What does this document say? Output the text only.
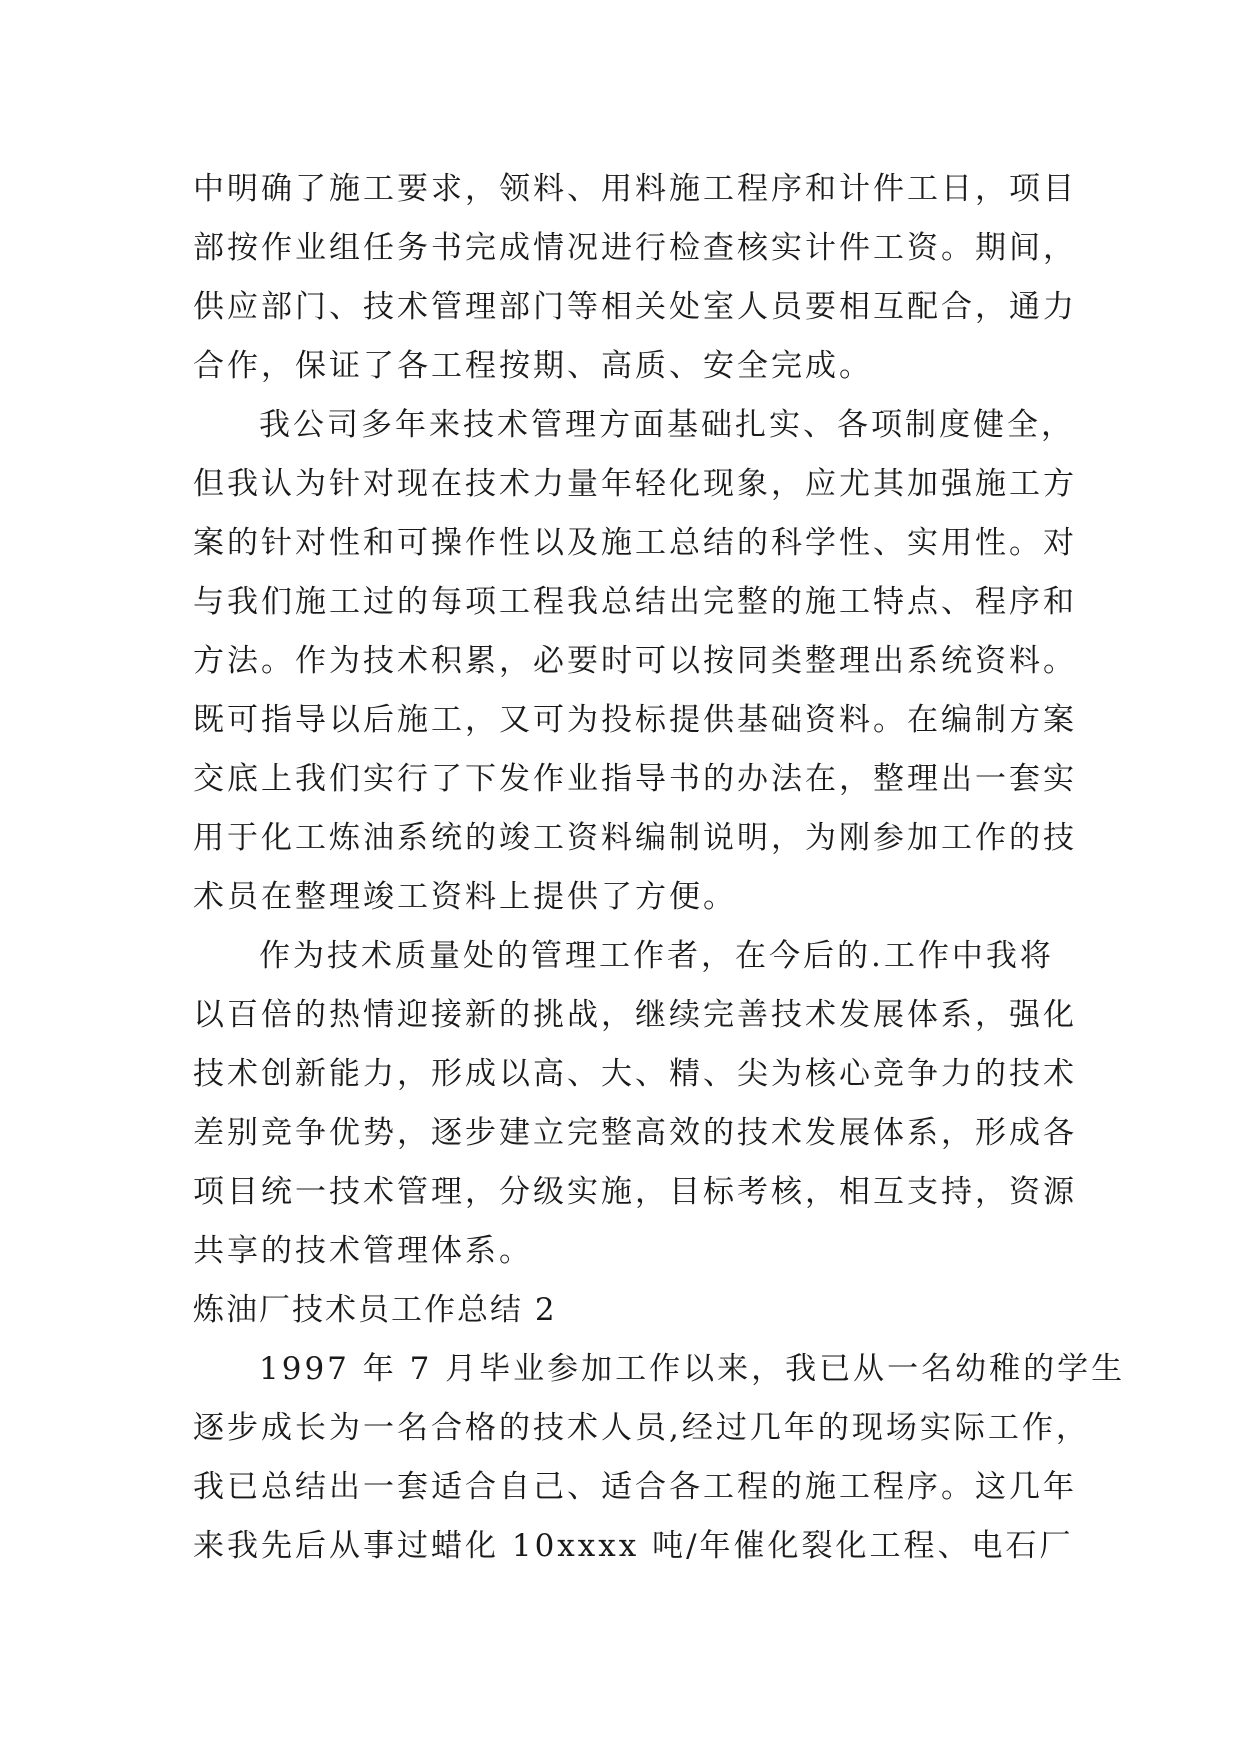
中明确了施工要求，领料、用料施工程序和计件工日，项目
部按作业组任务书完成情况进行检查核实计件工资。期间，
供应部门、技术管理部门等相关处室人员要相互配合，通力
合作，保证了各工程按期、高质、安全完成。
我公司多年来技术管理方面基础扎实、各项制度健全，
但我认为针对现在技术力量年轻化现象，应尤其加强施工方
案的针对性和可操作性以及施工总结的科学性、实用性。对
与我们施工过的每项工程我总结出完整的施工特点、程序和
方法。作为技术积累，必要时可以按同类整理出系统资料。
既可指导以后施工，又可为投标提供基础资料。在编制方案
交底上我们实行了下发作业指导书的办法在，整理出一套实
用于化工炼油系统的竣工资料编制说明，为刚参加工作的技
术员在整理竣工资料上提供了方便。
作为技术质量处的管理工作者，在今后的.工作中我将
以百倍的热情迎接新的挑战，继续完善技术发展体系，强化
技术创新能力，形成以高、大、精、尖为核心竞争力的技术
差别竞争优势，逐步建立完整高效的技术发展体系，形成各
项目统一技术管理，分级实施，目标考核，相互支持，资源
共享的技术管理体系。
炼油厂技术员工作总结 2
1997 年 7 月毕业参加工作以来，我已从一名幼稚的学生
逐步成长为一名合格的技术人员,经过几年的现场实际工作，
我已总结出一套适合自己、适合各工程的施工程序。这几年
来我先后从事过蜡化 10xxxx 吨/年催化裂化工程、电石厂
